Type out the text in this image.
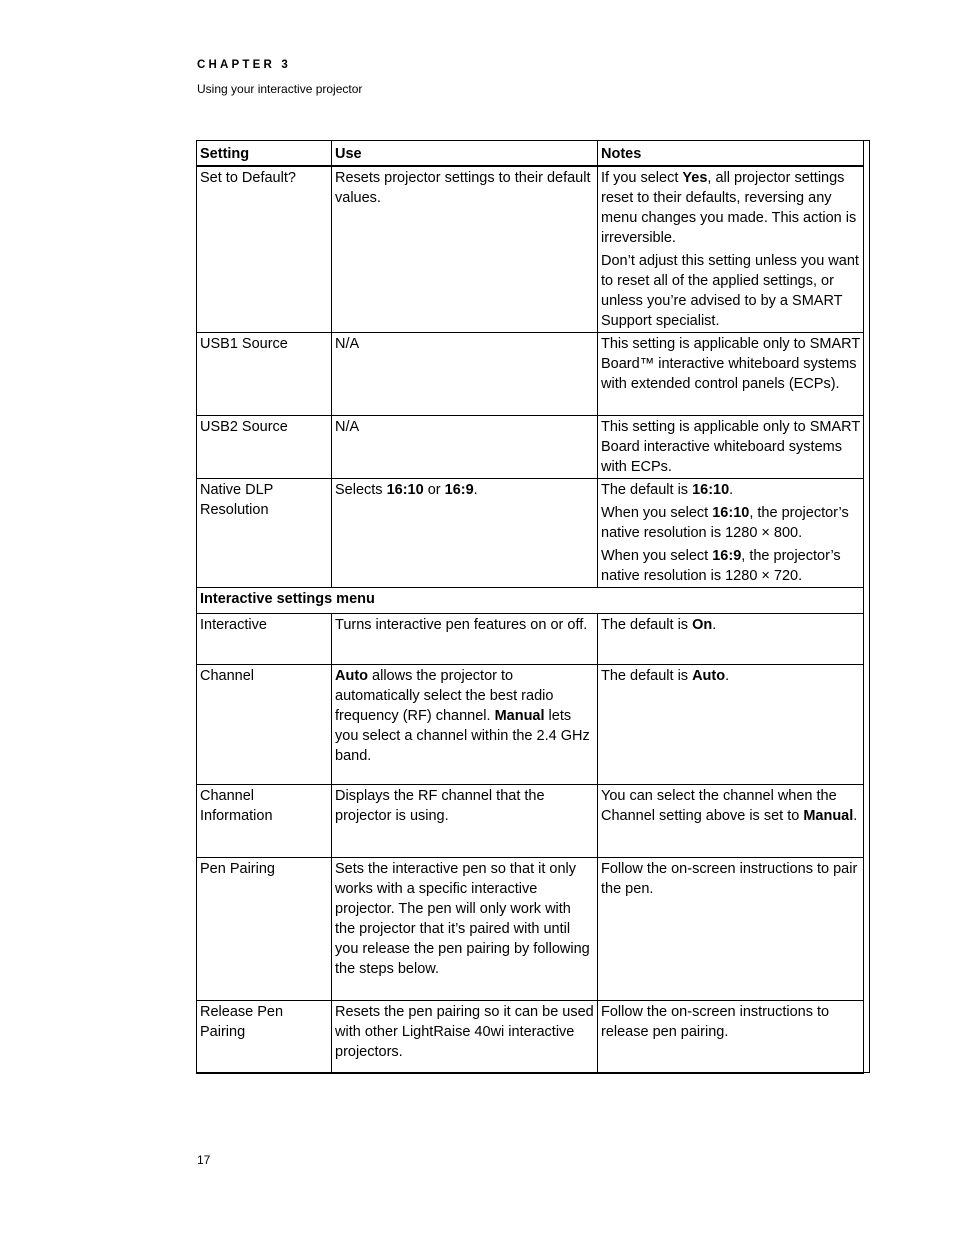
CHAPTER 3
Using your interactive projector
Setting	Use	Notes
Set to Default?	Resets projector settings to their default values.	If you select Yes, all projector settings reset to their defaults, reversing any menu changes you made. This action is irreversible.

Don’t adjust this setting unless you want to reset all of the applied settings, or unless you’re advised to by a SMART Support specialist.

USB1 Source	N/A	This setting is applicable only to SMART Board™ interactive whiteboard systems with extended control panels (ECPs).
USB2 Source	N/A	This setting is applicable only to SMART Board interactive whiteboard systems with ECPs.
Native DLP Resolution	Selects 16:10 or 16:9.	The default is 16:10.

When you select 16:10, the projector’s native resolution is 1280 × 800.

When you select 16:9, the projector’s native resolution is 1280 × 720.

Interactive settings menu		
Interactive	Turns interactive pen features on or off.	The default is On.
Channel	Auto allows the projector to automatically select the best radio frequency (RF) channel. Manual lets you select a channel within the 2.4 GHz band.	The default is Auto.
Channel Information	Displays the RF channel that the projector is using.	You can select the channel when the Channel setting above is set to Manual.
Pen Pairing	Sets the interactive pen so that it only works with a specific interactive projector. The pen will only work with the projector that it’s paired with until you release the pen pairing by following the steps below.	Follow the on-screen instructions to pair the pen.
Release Pen Pairing	Resets the pen pairing so it can be used with other LightRaise 40wi interactive projectors.	Follow the on-screen instructions to release pen pairing.
17
